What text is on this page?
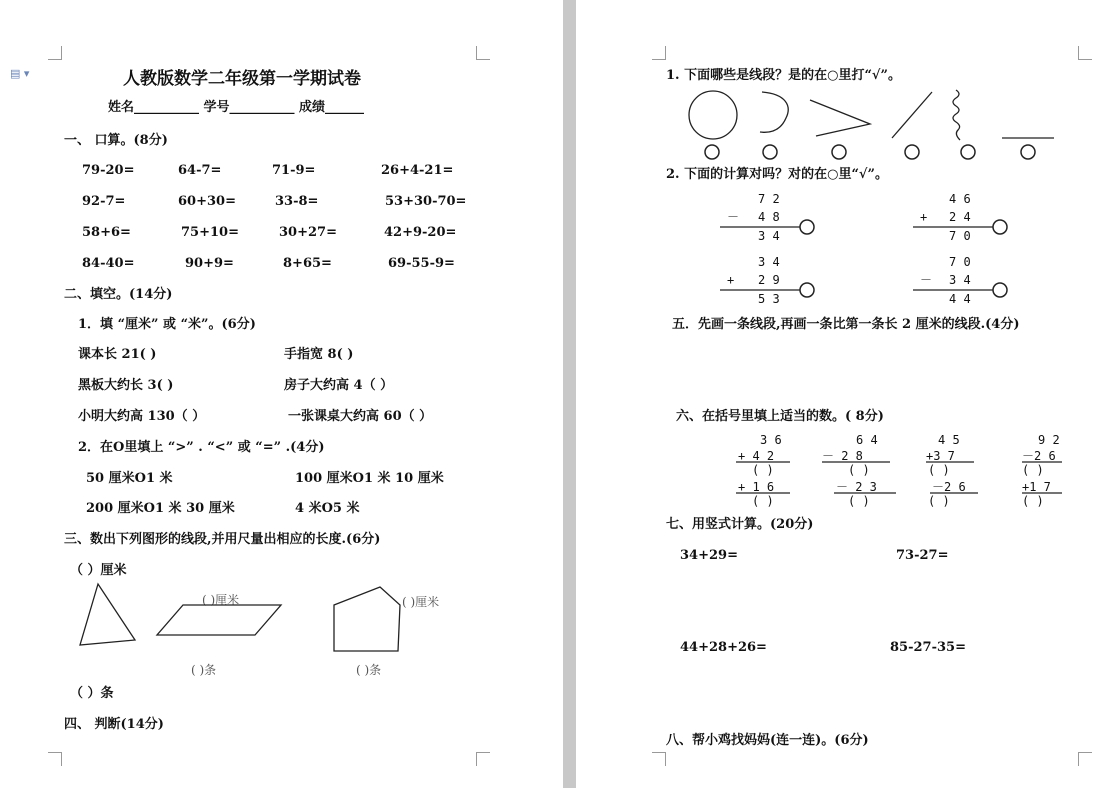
▤ ▾	人教版数学二年级第一学期试卷
姓名__________ 学号__________ 成绩______
一、 口算。(8分)
79-20=	64-7=	71-9=	26+4-21=
92-7=	60+30=	33-8=	53+30-70=
58+6=	75+10=	30+27=	42+9-20=
84-40=	90+9=	8+65=	69-55-9=
二、填空。(14分)
1．填 “厘米” 或 “米”。(6分)
课本长 21( )	手指宽 8( )
黑板大约长 3( )	房子大约高 4（ ）
小明大约高 130（ ）	一张课桌大约高 60（ ）
2．在O里填上 “>” . “<” 或 “=” .(4分)
50 厘米O1 米	100 厘米O1 米 10 厘米
200 厘米O1 米 30 厘米	4 米O5 米
三、数出下列图形的线段,并用尺量出相应的长度.(6分)
（ ）厘米
( )厘米
( )条
( )厘米
( )条
（ ）条
四、 判断(14分)
1. 下面哪些是线段？是的在○里打“√”。
2. 下面的计算对吗？对的在○里“√”。
7 2
－ 4 8
3 4
4 6
+ 2 4
7 0
3 4
+ 2 9
5 3
7 0
－ 3 4
4 4
五．先画一条线段,再画一条比第一条长 2 厘米的线段.(4分)
六、在括号里填上适当的数。( 8分)
3 6
+ 4 2
( )
+ 1 6
( )
6 4
－ 2 8
( )
－ 2 3
( )
4 5
+3 7
( )
－2 6
( )
9 2
－2 6
( )
+1 7
( )
七、用竖式计算。(20分)
34+29=	73-27=
44+28+26=	85-27-35=
八、帮小鸡找妈妈(连一连)。(6分)
